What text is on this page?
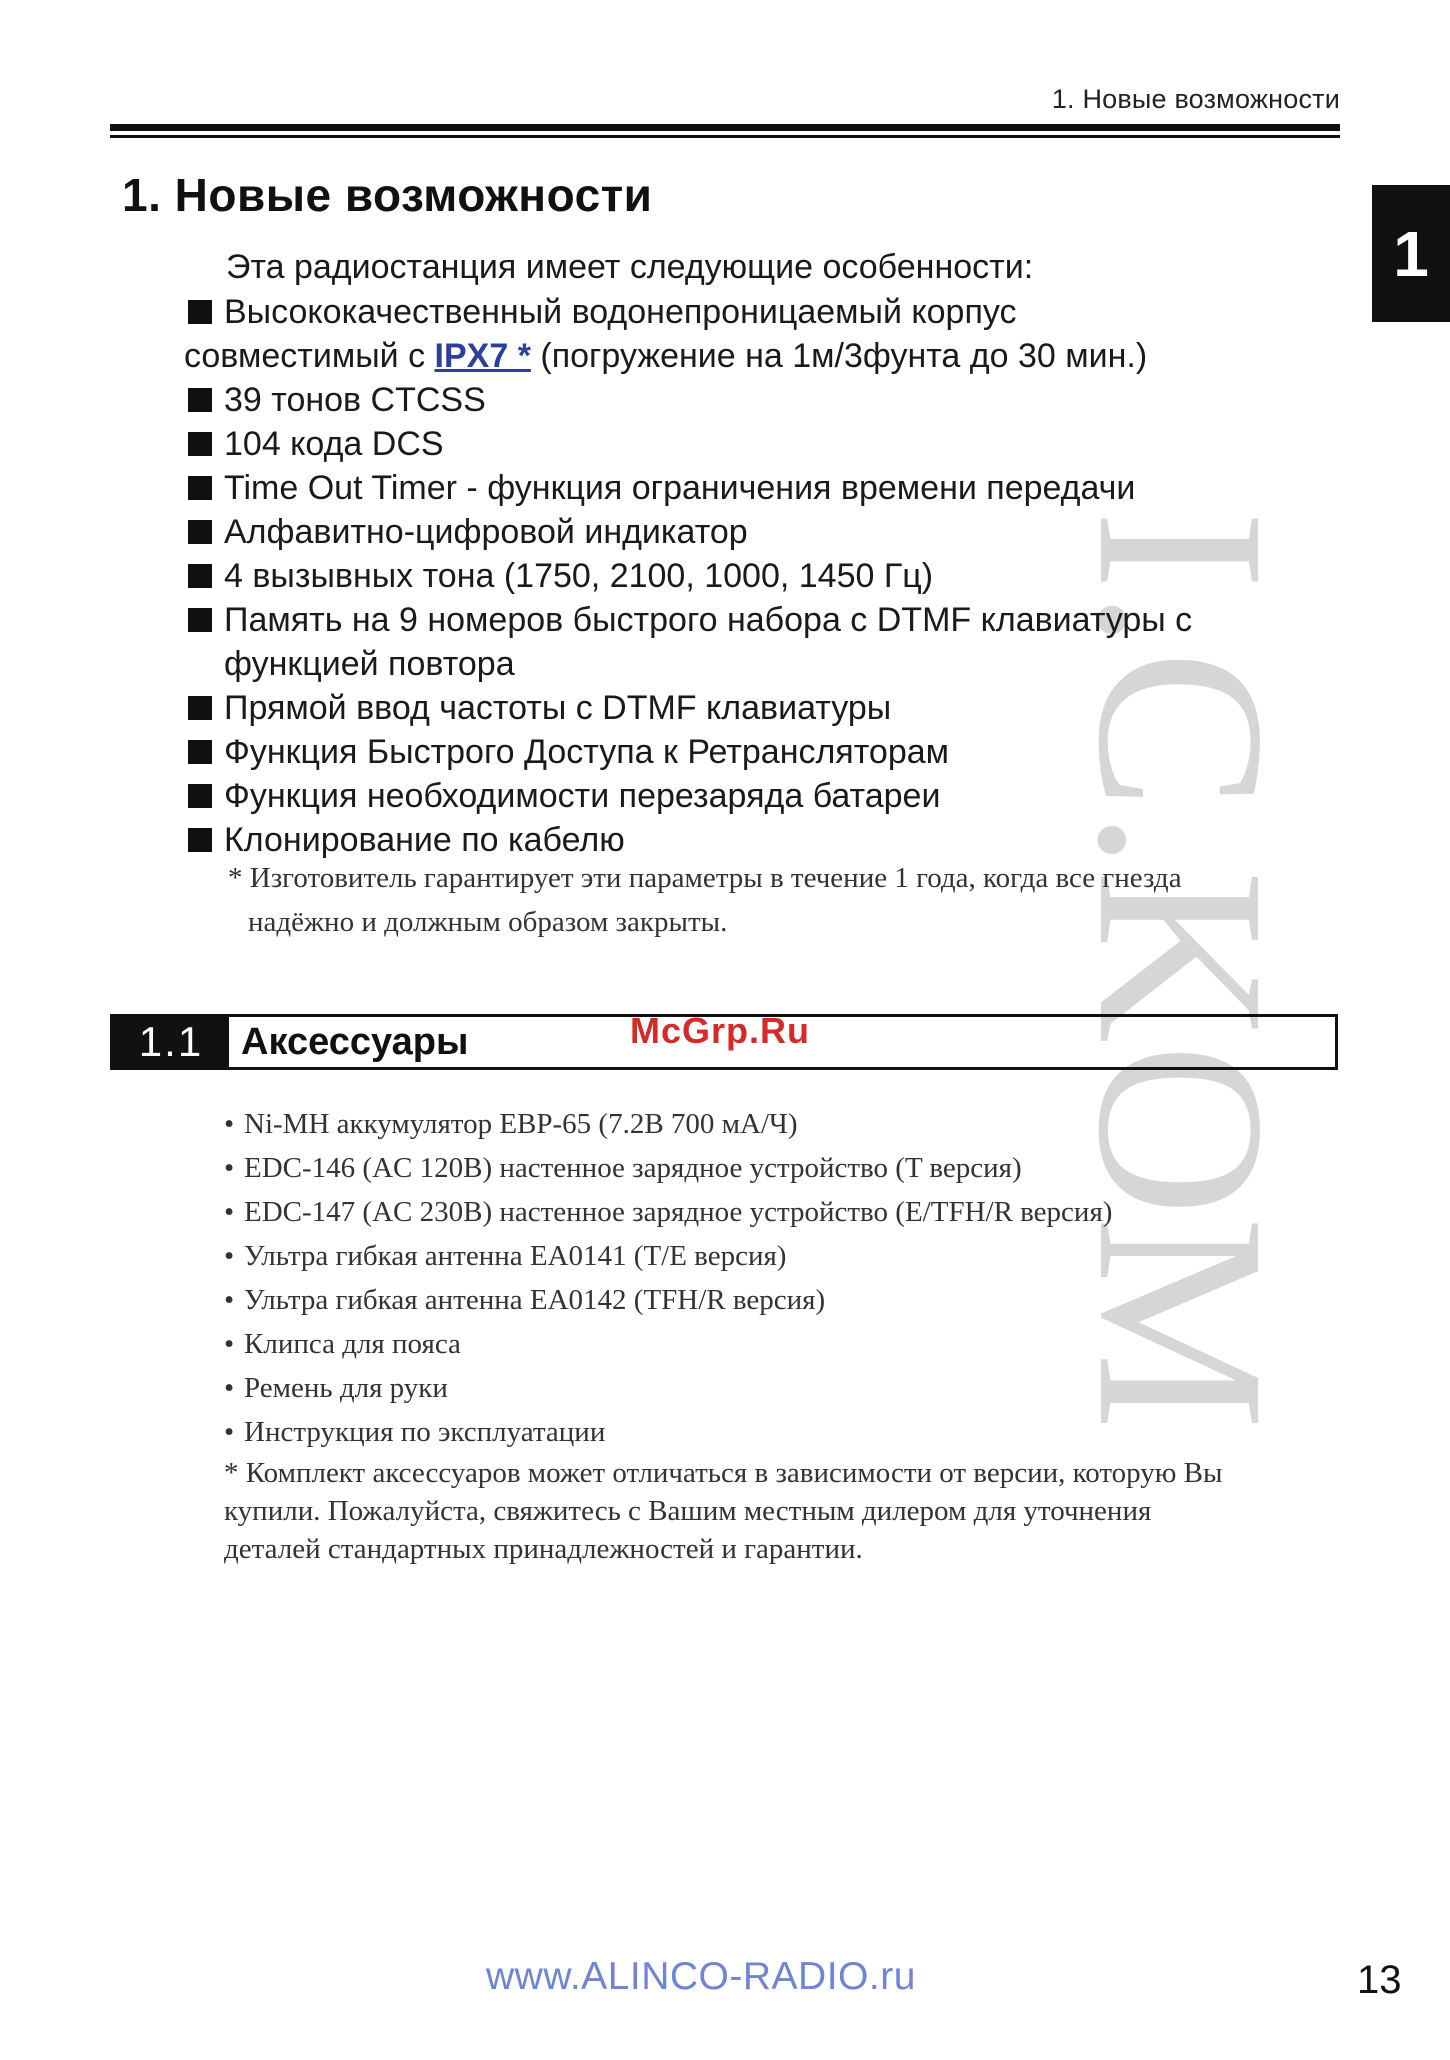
1. Новые возможности
1
I.C.KOM
1. Новые возможности
Эта радиостанция имеет следующие особенности:
Высококачественный водонепроницаемый корпус
совместимый с IPX7 * (погружение на 1м/3фунта до 30 мин.)
39 тонов CTCSS
104 кода DCS
Time Out Timer - функция ограничения времени передачи
Алфавитно-цифровой индикатор
4 вызывных тона (1750, 2100, 1000, 1450 Гц)
Память на 9 номеров быстрого набора с DTMF клавиатуры с функцией повтора
Прямой ввод частоты с DTMF клавиатуры
Функция Быстрого Доступа к Ретрансляторам
Функция необходимости перезаряда батареи
Клонирование по кабелю
* Изготовитель гарантирует эти параметры в течение 1 года, когда все гнезда
надёжно и должным образом закрыты.
1.1 Аксессуары	McGrp.Ru
• Ni-MH аккумулятор EBP-65 (7.2В 700 мА/Ч)
• EDC-146 (AC 120B) настенное зарядное устройство (T версия)
• EDC-147 (AC 230B) настенное зарядное устройство (E/TFH/R версия)
• Ультра гибкая антенна EA0141 (T/E версия)
• Ультра гибкая антенна EA0142 (TFH/R версия)
• Клипса для пояса
• Ремень для руки
• Инструкция по эксплуатации
* Комплект аксессуаров может отличаться в зависимости от версии, которую Вы
купили. Пожалуйста, свяжитесь с Вашим местным дилером для уточнения
деталей стандартных принадлежностей и гарантии.
www.ALINCO-RADIO.ru	13
